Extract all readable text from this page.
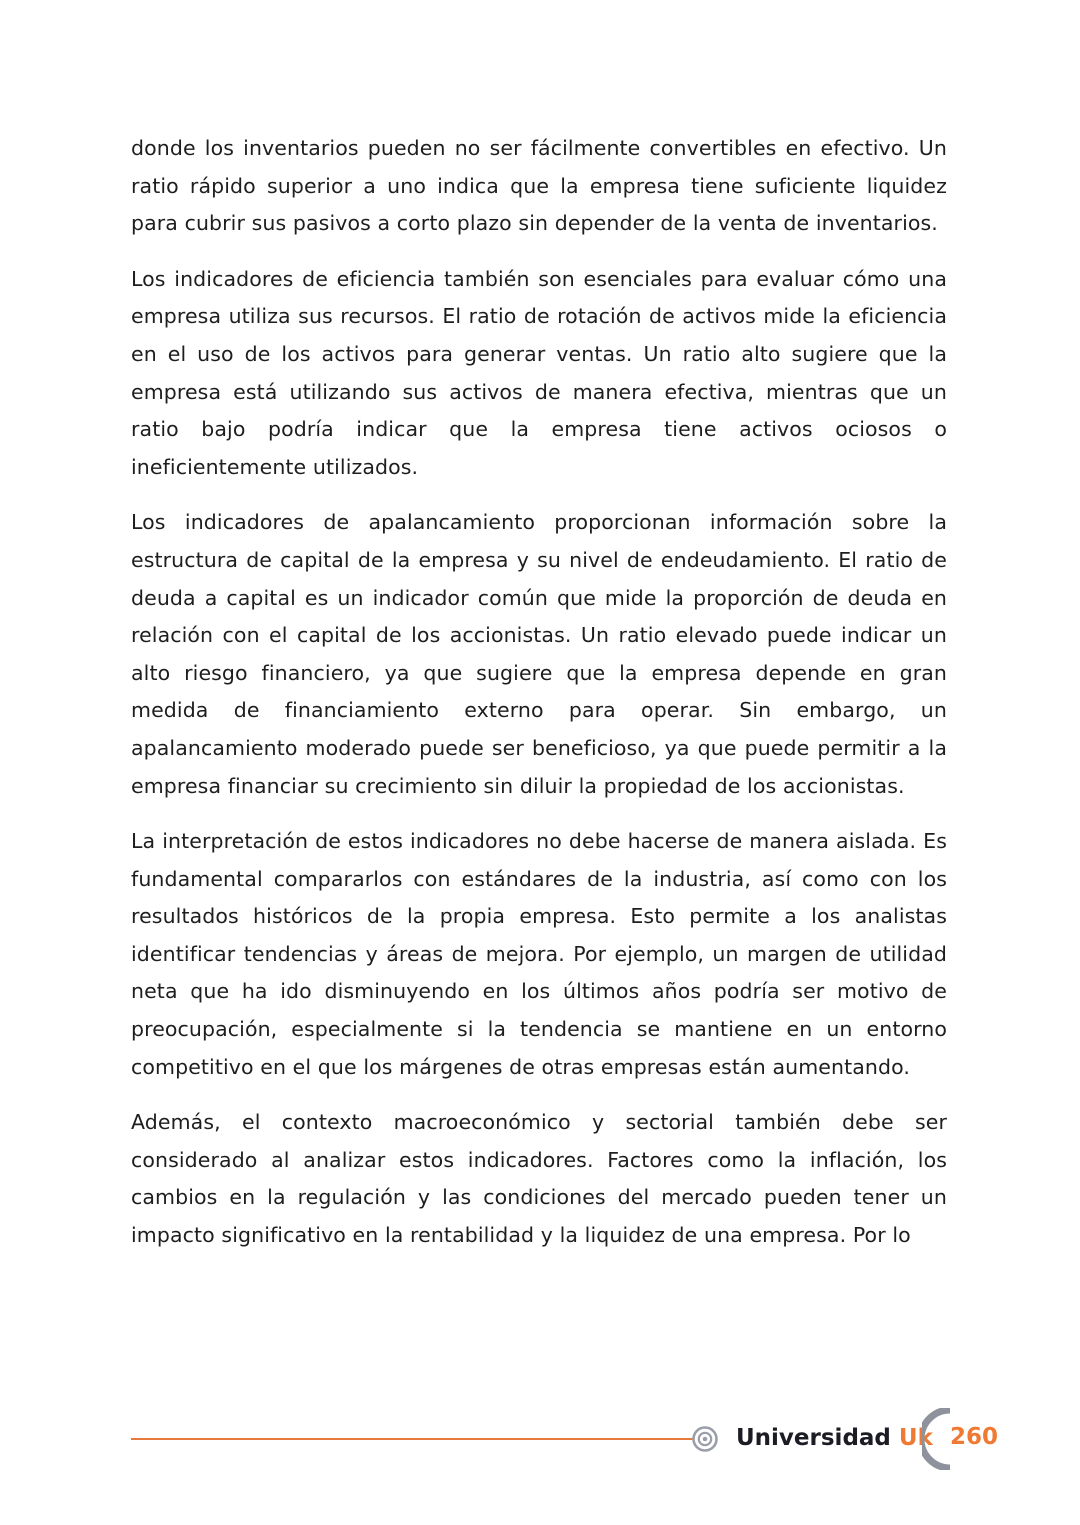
donde los inventarios pueden no ser fácilmente convertibles en efectivo. Un ratio rápido superior a uno indica que la empresa tiene suficiente liquidez para cubrir sus pasivos a corto plazo sin depender de la venta de inventarios.

Los indicadores de eficiencia también son esenciales para evaluar cómo una empresa utiliza sus recursos. El ratio de rotación de activos mide la eficiencia en el uso de los activos para generar ventas. Un ratio alto sugiere que la empresa está utilizando sus activos de manera efectiva, mientras que un ratio bajo podría indicar que la empresa tiene activos ociosos o ineficientemente utilizados.

Los indicadores de apalancamiento proporcionan información sobre la estructura de capital de la empresa y su nivel de endeudamiento. El ratio de deuda a capital es un indicador común que mide la proporción de deuda en relación con el capital de los accionistas. Un ratio elevado puede indicar un alto riesgo financiero, ya que sugiere que la empresa depende en gran medida de financiamiento externo para operar. Sin embargo, un apalancamiento moderado puede ser beneficioso, ya que puede permitir a la empresa financiar su crecimiento sin diluir la propiedad de los accionistas.

La interpretación de estos indicadores no debe hacerse de manera aislada. Es fundamental compararlos con estándares de la industria, así como con los resultados históricos de la propia empresa. Esto permite a los analistas identificar tendencias y áreas de mejora. Por ejemplo, un margen de utilidad neta que ha ido disminuyendo en los últimos años podría ser motivo de preocupación, especialmente si la tendencia se mantiene en un entorno competitivo en el que los márgenes de otras empresas están aumentando.

Además, el contexto macroeconómico y sectorial también debe ser considerado al analizar estos indicadores. Factores como la inflación, los cambios en la regulación y las condiciones del mercado pueden tener un impacto significativo en la rentabilidad y la liquidez de una empresa. Por lo

Universidad Uk 260
